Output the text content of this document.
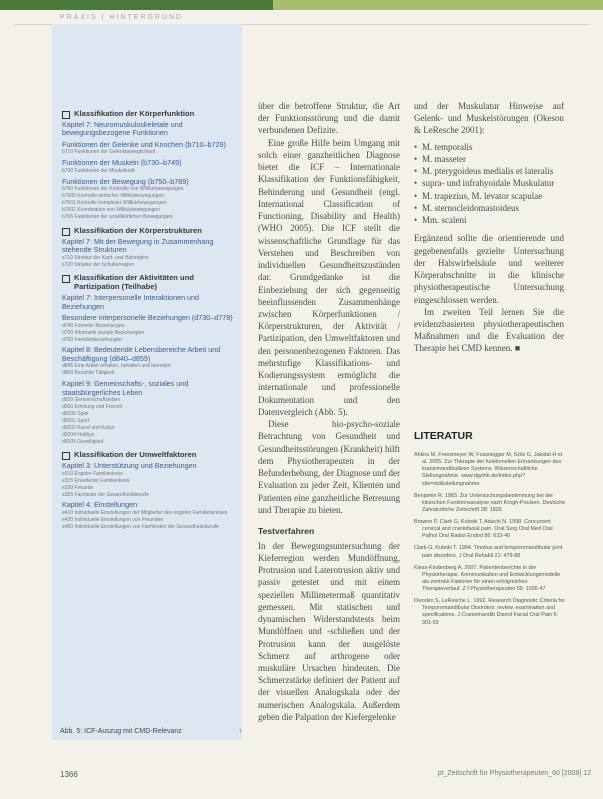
PRAXIS | HINTERGRUND
Klassifikation der Körperfunktion
Kapitel 7: Neuromuskuloskeletale und bewegungsbezogene Funktionen
Funktionen der Gelenke und Knochen (b710–b729)
b710 Funktionen der Gelenkbeweglichkeit
Funktionen der Muskeln (b730–b749)
b730 Funktionen der Muskelkraft
Funktionen der Bewegung (b750–b789)
b760 Funktionen der Kontrolle von Willkürbewegungen
b7600 Kontrolle einfacher Willkürbewegungen
b7601 Kontrolle komplexer Willkürbewegungen
b7602 Koordination von Willkürbewegungen
b765 Funktionen der unwillkürlichen Bewegungen
Klassifikation der Körperstrukturen
Kapitel 7: Mit der Bewegung in Zusammenhang stehende Strukturen
s710 Struktur der Kopf- und Halsregion
s720 Struktur der Schulterregion
Klassifikation der Aktivitäten und Partizipation (Teilhabe)
Kapitel 7: Interpersonelle Interaktionen und Beziehungen
Besondere interpersonelle Beziehungen (d730–d779)
d740 Formelle Beziehungen
d750 Informelle soziale Beziehungen
d760 Familienbeziehungen
Kapitel 8: Bedeutende Lebensbereiche Arbeit und Beschäftigung (d840–d859)
d845 Eine Arbeit erhalten, behalten und beenden
d850 Bezahlte Tätigkeit
Kapitel 9: Gemeinschafts-, soziales und staatsbürgerliches Leben
d910 Gemeinschaftsleben
d920 Erholung und Freizeit
d9200 Spiel
d9201 Sport
d9202 Kunst und Kultur
d9204 Hobbys
d9205 Geselligkeit
Klassifikation der Umweltfaktoren
Kapitel 3: Unterstützung und Beziehungen
e310 Engster Familienkreis
e315 Erweiterter Familienkreis
e320 Freunde
e355 Fachleute der Gesundheitsberufe
Kapitel 4: Einstellungen
e410 Individuelle Einstellungen der Mitglieder des engsten Familienkreises
e420 Individuelle Einstellungen von Freunden
e450 Individuelle Einstellungen von Fachleuten der Gesundheitsberufe
Abb. 5: ICF-Auszug mit CMD-Relevanz	↑

über die betroffene Struktur, die Art der Funktionsstörung und die damit verbundenen Defizite.

Eine große Hilfe beim Umgang mit solch einer ganzheitlichen Diagnose bietet die ICF – Internationale Klassifikation der Funktionsfähigkeit, Behinderung und Gesundheit (engl. International Classification of Functioning, Disability and Health) (WHO 2005). Die ICF stellt die wissenschaftliche Grundlage für das Verstehen und Beschreiben von individuellen Gesundheitszuständen dar. Grundgedanke ist die Einbeziehung der sich gegenseitig beeinflussenden Zusammenhänge zwischen Körperfunktionen / Körperstrukturen, der Aktivität / Partizipation, den Umweltfaktoren und den personenbezogenen Faktoren. Das mehrstufige Klassifikations- und Kodierungssystem ermöglicht die internationale und professionelle Dokumentation und den Datenvergleich (Abb. 5).

Diese bio-psycho-soziale Betrachtung von Gesundheit und Gesundheitsstörungen (Krankheit) hilft dem Physiotherapeuten in der Befunderhebung, der Diagnose und der Evaluation zu jeder Zeit, Klienten und Patienten eine ganzheitliche Betreuung und Therapie zu bieten.

Testverfahren

In der Bewegungsuntersuchung der Kieferregion werden Mundöffnung, Protrusion und Laterotrusion aktiv und passiv getestet und mit einem speziellen Millimetermaß quantitativ gemessen. Mit statischen und dynamischen Widerstandstests beim Mundöffnen und -schließen und der Protrusion kann der ausgelöste Schmerz auf arthrogene oder muskuläre Ursachen hindeuten. Die Schmerzstärke definiert der Patient auf der visuellen Analogskala oder der numerischen Analogskala. Außerdem geben die Palpation der Kiefergelenke

und der Muskulatur Hinweise auf Gelenk- und Muskelstörungen (Okeson & LeResche 2001):

• M. temporalis
• M. masseter
• M. pterygoideus medialis et lateralis
• supra- und infrahyoidale Muskulatur
• M. trapezius, M. levator scapulae
• M. sternocleidomastoideus
• Mm. scaleni

Ergänzend sollte die orientierende und gegebenenfalls gezielte Untersuchung der Halswirbelsäule und weiterer Körperabschnitte in die klinische physiotherapeutische Untersuchung eingeschlossen werden.

Im zweiten Teil lernen Sie die evidenzbasierten physiotherapeutischen Maßnahmen und die Evaluation der Therapie bei CMD kennen. ■

LITERATUR
Ahlers M, Freesmeyer W, Fussnegger M, Götz G, Jakstat H et al. 2005. Zur Therapie der funktionellen Erkrankungen des kraniomandibulären Systems. Wissenschaftliche Stellungnahme. www.dgzmk.de/index.php?site=std&stellungnahme
Benjamin R. 1983. Zur Untersuchungsbestimmung bei der klinischen Funktionsanalyse nach Krogh-Poulsen. Deutsche Zahnärztliche Zeitschrift 38: 1826
Browne P, Clark G, Kuboki T, Adachi N. 1998. Concurrent cervical and craniofacial pain. Oral Surg Oral Med Oral Pathol Oral Radiol Endod 86: 633-40
Clark G, Kuboki T. 1994. Tinnitus and temporomandibular joint pain disorders. J Oral Rehabil 21: 479-88
Kiess-Kindenberg A. 2007. Patientenberichte in der Physiotherapie. Kommunikation und Entwicklungsmodelle als zentrale Faktoren für einen erfolgreichen Therapieverlauf. Z f Physiotherapeuten 59: 1036-47
Dworkin S, LeResche L. 1992. Research Diagnostic Criteria for Temporomandibular Disorders: review, examination and specifications. J Craniomandib Disord Facial Oral Pain 6: 301-55
1366	pt_Zeitschrift für Physiotherapeuten_60 [2008] 12
